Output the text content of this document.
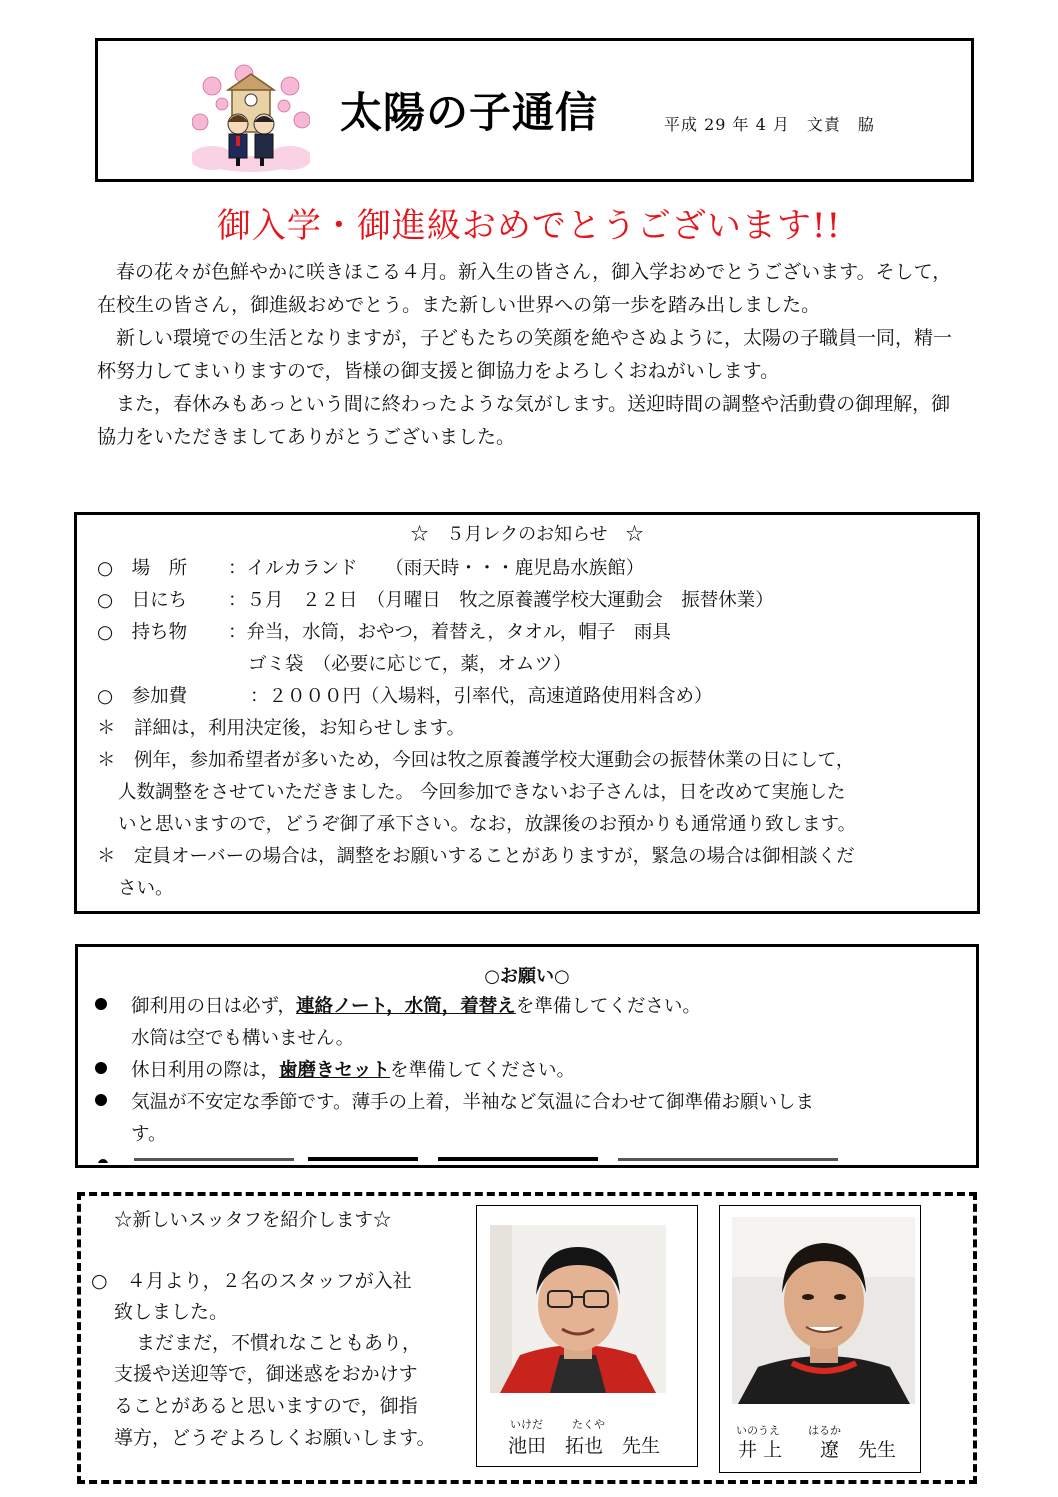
太陽の子通信	平成 29 年 4 月　文責　脇
御入学・御進級おめでとうございます!!

春の花々が色鮮やかに咲きほこる４月。新入生の皆さん，御入学おめでとうございます。そして，在校生の皆さん，御進級おめでとう。また新しい世界への第一歩を踏み出しました。

新しい環境での生活となりますが，子どもたちの笑顔を絶やさぬように，太陽の子職員一同，精一杯努力してまいりますので，皆様の御支援と御協力をよろしくおねがいします。

また，春休みもあっという間に終わったような気がします。送迎時間の調整や活動費の御理解，御協力をいただきましてありがとうございました。

☆　５月レクのお知らせ　☆
○　場　所 ：イルカランド　　（雨天時・・・鹿児島水族館）
○　日にち ：５月　２２日　（月曜日　牧之原養護学校大運動会　振替休業）
○　持ち物 ：弁当，水筒，おやつ，着替え，タオル，帽子　雨具
ゴミ袋　（必要に応じて，薬，オムツ）
○　参加費	：２０００円（入場料，引率代，高速道路使用料含め）
＊　詳細は，利用決定後，お知らせします。
＊　例年，参加希望者が多いため，今回は牧之原養護学校大運動会の振替休業の日にして，
人数調整をさせていただきました。 今回参加できないお子さんは，日を改めて実施した
いと思いますので，どうぞ御了承下さい。なお，放課後のお預かりも通常通り致します。
＊　定員オーバーの場合は，調整をお願いすることがありますが，緊急の場合は御相談くだ
さい。
○お願い○
御利用の日は必ず，連絡ノート，水筒，着替えを準備してください。
水筒は空でも構いません。
休日利用の際は，歯磨きセットを準備してください。
気温が不安定な季節です。薄手の上着，半袖など気温に合わせて御準備お願いしま
す。
☆新しいスッタフを紹介します☆
○　４月より，２名のスタッフが入社
致しました。
まだまだ，不慣れなこともあり，
支援や送迎等で，御迷惑をおかけす
ることがあると思いますので，御指
導方，どうぞよろしくお願いします。
いけだ	たくや
池田　拓也　先生
いのうえ	はるか
井 上　　遼　先生
